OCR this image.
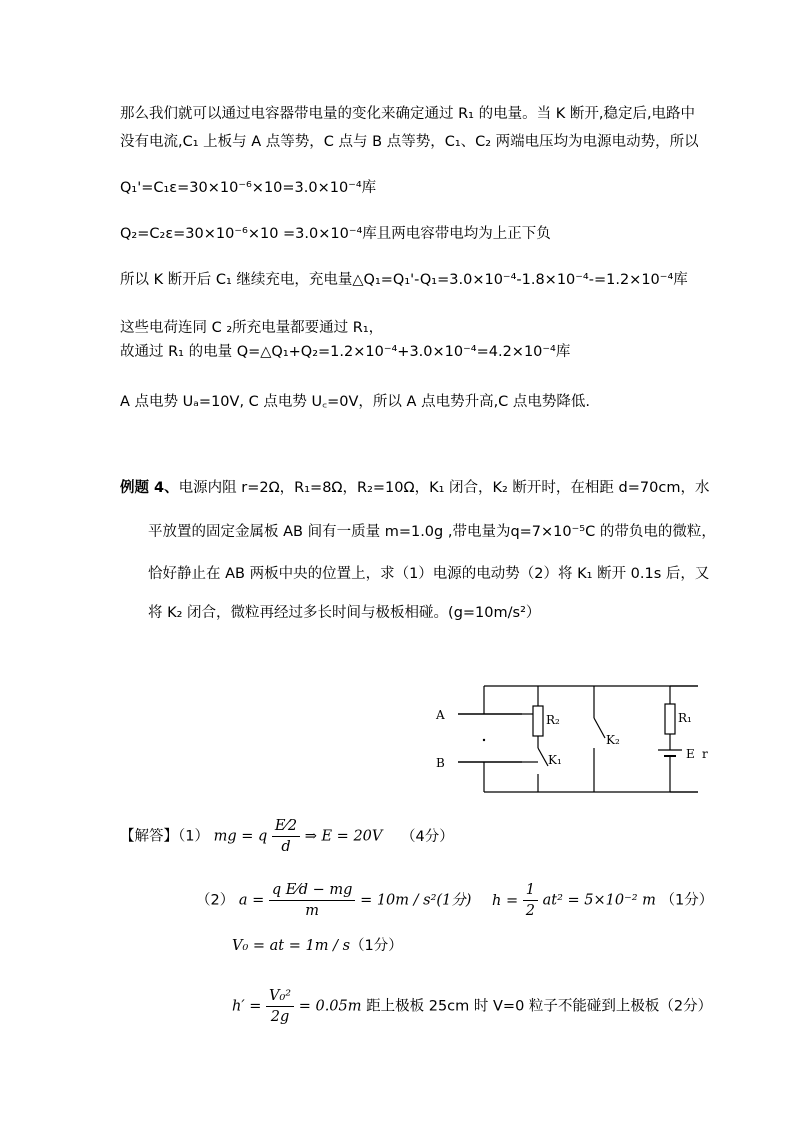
那么我们就可以通过电容器带电量的变化来确定通过 R₁ 的电量。当 K 断开,稳定后,电路中
没有电流,C₁ 上板与 A 点等势，C 点与 B 点等势，C₁、C₂ 两端电压均为电源电动势，所以
Q₁'=C₁ε=30×10⁻⁶×10=3.0×10⁻⁴库
Q₂=C₂ε=30×10⁻⁶×10 =3.0×10⁻⁴库且两电容带电均为上正下负
所以 K 断开后 C₁ 继续充电，充电量△Q₁=Q₁'-Q₁=3.0×10⁻⁴-1.8×10⁻⁴-=1.2×10⁻⁴库
这些电荷连同 C ₂所充电量都要通过 R₁，
故通过 R₁ 的电量 Q=△Q₁+Q₂=1.2×10⁻⁴+3.0×10⁻⁴=4.2×10⁻⁴库
A 点电势 Uₐ=10V, C 点电势 U꜀=0V，所以 A 点电势升高,C 点电势降低.
例题 4、电源内阻 r=2Ω，R₁=8Ω，R₂=10Ω，K₁ 闭合，K₂ 断开时，在相距 d=70cm，水
平放置的固定金属板 AB 间有一质量 m=1.0g ,带电量为q=7×10⁻⁵C 的带负电的微粒，
恰好静止在 AB 两板中央的位置上，求（1）电源的电动势（2）将 K₁ 断开 0.1s 后，又
将 K₂ 闭合，微粒再经过多长时间与极板相碰。(g=10m/s²）
A
B
R₂
K₁
K₂
R₁
E r
【解答】（1） mg = q $\frac{E⁄2}{d}$ ⇒ E = 20V （4分）
（2） $a = \frac{\text{q E⁄d − mg}}{m} = 10m / s^2(1$分) $h = \frac{1}{2} at^2 = 5\times 10^{-2}$ m （1分）
V₀ = at = 1m / s（1分）
$h' = \frac{\text{V₀²}}{2g} = 0.05m$ 距上极板 25cm 时 V=0 粒子不能碰到上极板（2分）
